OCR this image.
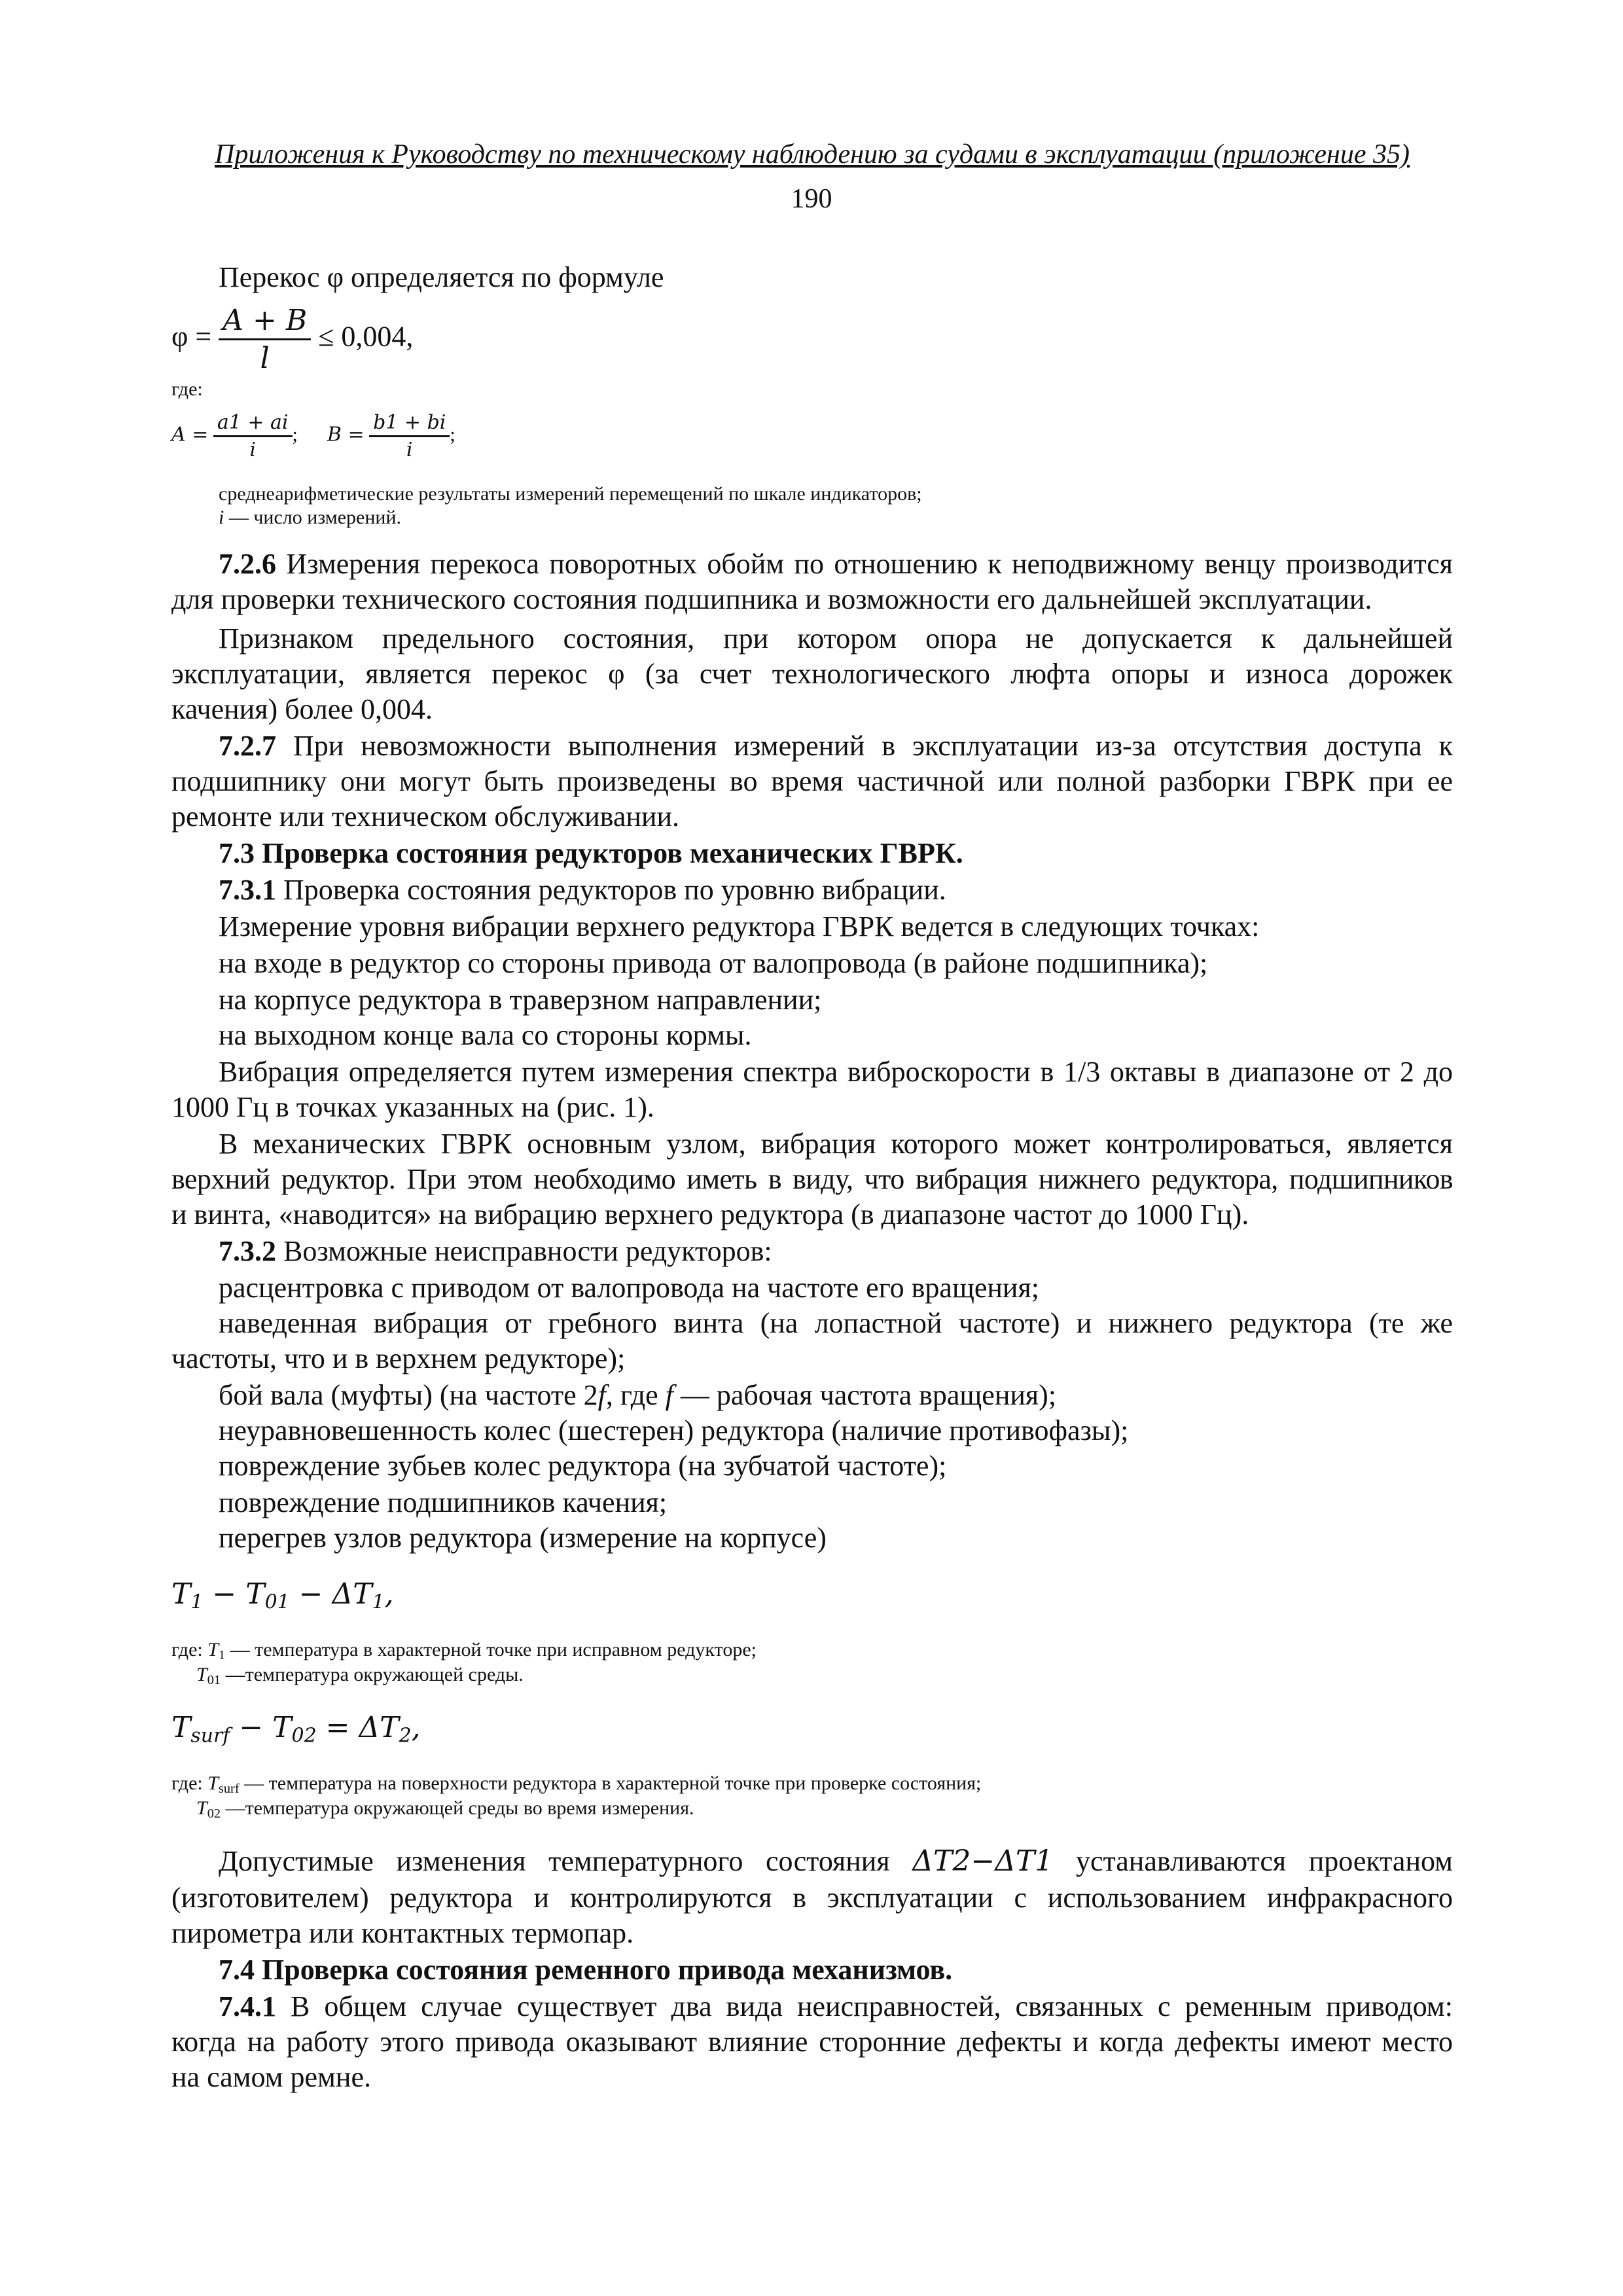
Приложения к Руководству по техническому наблюдению за судами в эксплуатации (приложение 35)
190
Перекос φ определяется по формуле
$\varphi = \frac{A + B}{l} \le 0,004$,
где:
$A = \frac{a1 + ai}{i}$ ; $B = \frac{b1 + bi}{i}$ ;
среднеарифметические результаты измерений перемещений по шкале индикаторов;
i — число измерений.
7.2.6 Измерения перекоса поворотных обойм по отношению к неподвижному венцу производится
для проверки технического состояния подшипника и возможности его дальнейшей эксплуатации.
Признаком предельного состояния, при котором опора не допускается к дальнейшей
эксплуатации, является перекос φ (за счет технологического люфта опоры и износа дорожек
качения) более 0,004.
7.2.7 При невозможности выполнения измерений в эксплуатации из-за отсутствия доступа к
подшипнику они могут быть произведены во время частичной или полной разборки ГВРК при ее
ремонте или техническом обслуживании.
7.3 Проверка состояния редукторов механических ГВРК.
7.3.1 Проверка состояния редукторов по уровню вибрации.
Измерение уровня вибрации верхнего редуктора ГВРК ведется в следующих точках:
на входе в редуктор со стороны привода от валопровода (в районе подшипника);
на корпусе редуктора в траверзном направлении;
на выходном конце вала со стороны кормы.
Вибрация определяется путем измерения спектра виброскорости в 1/3 октавы в диапазоне от 2 до
1000 Гц в точках указанных на (рис. 1).
В механических ГВРК основным узлом, вибрация которого может контролироваться, является
верхний редуктор. При этом необходимо иметь в виду, что вибрация нижнего редуктора, подшипников
и винта, «наводится» на вибрацию верхнего редуктора (в диапазоне частот до 1000 Гц).
7.3.2 Возможные неисправности редукторов:
расцентровка с приводом от валопровода на частоте его вращения;
наведенная вибрация от гребного винта (на лопастной частоте) и нижнего редуктора (те же
частоты, что и в верхнем редукторе);
бой вала (муфты) (на частоте 2f, где f — рабочая частота вращения);
неуравновешенность колес (шестерен) редуктора (наличие противофазы);
повреждение зубьев колес редуктора (на зубчатой частоте);
повреждение подшипников качения;
перегрев узлов редуктора (измерение на корпусе)
$T_1 - T_{01} - \Delta T_1$,
где: $T_1$ — температура в характерной точке при исправном редукторе;
$T_{01}$ —температура окружающей среды.
$T_{surf} - T_{02} = \Delta T_2$,
где: $T_{surf}$ — температура на поверхности редуктора в характерной точке при проверке состояния;
$T_{02}$ —температура окружающей среды во время измерения.
Допустимые изменения температурного состояния ΔT2−ΔT1 устанавливаются проектаном
(изготовителем) редуктора и контролируются в эксплуатации с использованием инфракрасного
пирометра или контактных термопар.
7.4 Проверка состояния ременного привода механизмов.
7.4.1 В общем случае существует два вида неисправностей, связанных с ременным приводом:
когда на работу этого привода оказывают влияние сторонние дефекты и когда дефекты имеют место
на самом ремне.
